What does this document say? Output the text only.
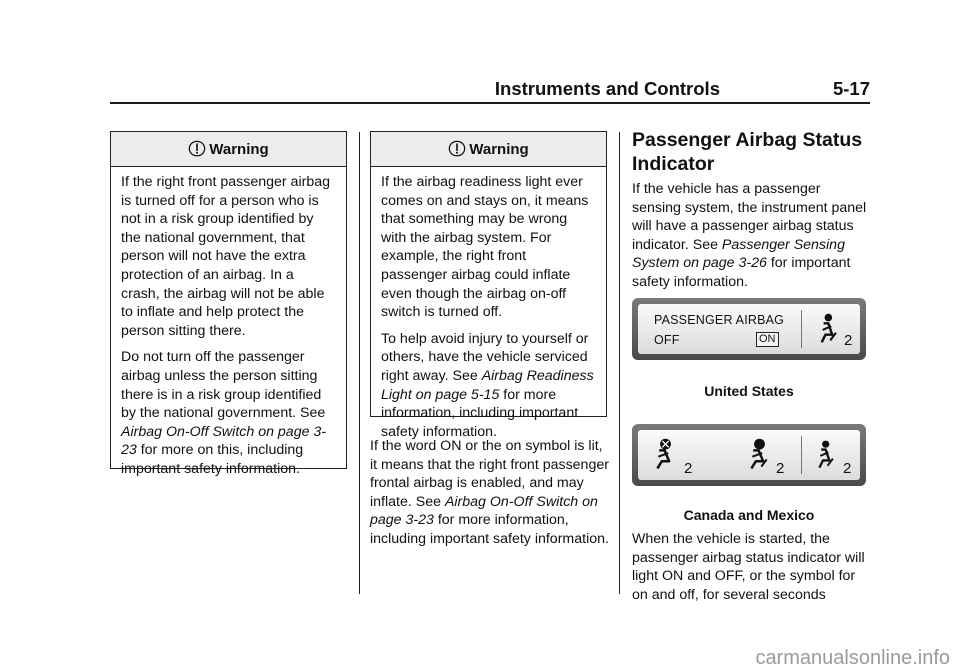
Instruments and Controls	5-17
Warning

If the right front passenger airbag is turned off for a person who is not in a risk group identified by the national government, that person will not have the extra protection of an airbag. In a crash, the airbag will not be able to inflate and help protect the person sitting there.

Do not turn off the passenger airbag unless the person sitting there is in a risk group identified by the national government. See Airbag On-Off Switch on page 3-23 for more on this, including important safety information.

Warning

If the airbag readiness light ever comes on and stays on, it means that something may be wrong with the airbag system. For example, the right front passenger airbag could inflate even though the airbag on-off switch is turned off.

To help avoid injury to yourself or others, have the vehicle serviced right away. See Airbag Readiness Light on page 5-15 for more information, including important safety information.

If the word ON or the on symbol is lit, it means that the right front passenger frontal airbag is enabled, and may inflate. See Airbag On-Off Switch on page 3-23 for more information, including important safety information.

Passenger Airbag Status Indicator

If the vehicle has a passenger sensing system, the instrument panel will have a passenger airbag status indicator. See Passenger Sensing System on page 3-26 for important safety information.

PASSENGER AIRBAG
OFF	ON	2
United States
2	2	2
Canada and Mexico

When the vehicle is started, the passenger airbag status indicator will light ON and OFF, or the symbol for on and off, for several seconds

carmanualsonline.info
